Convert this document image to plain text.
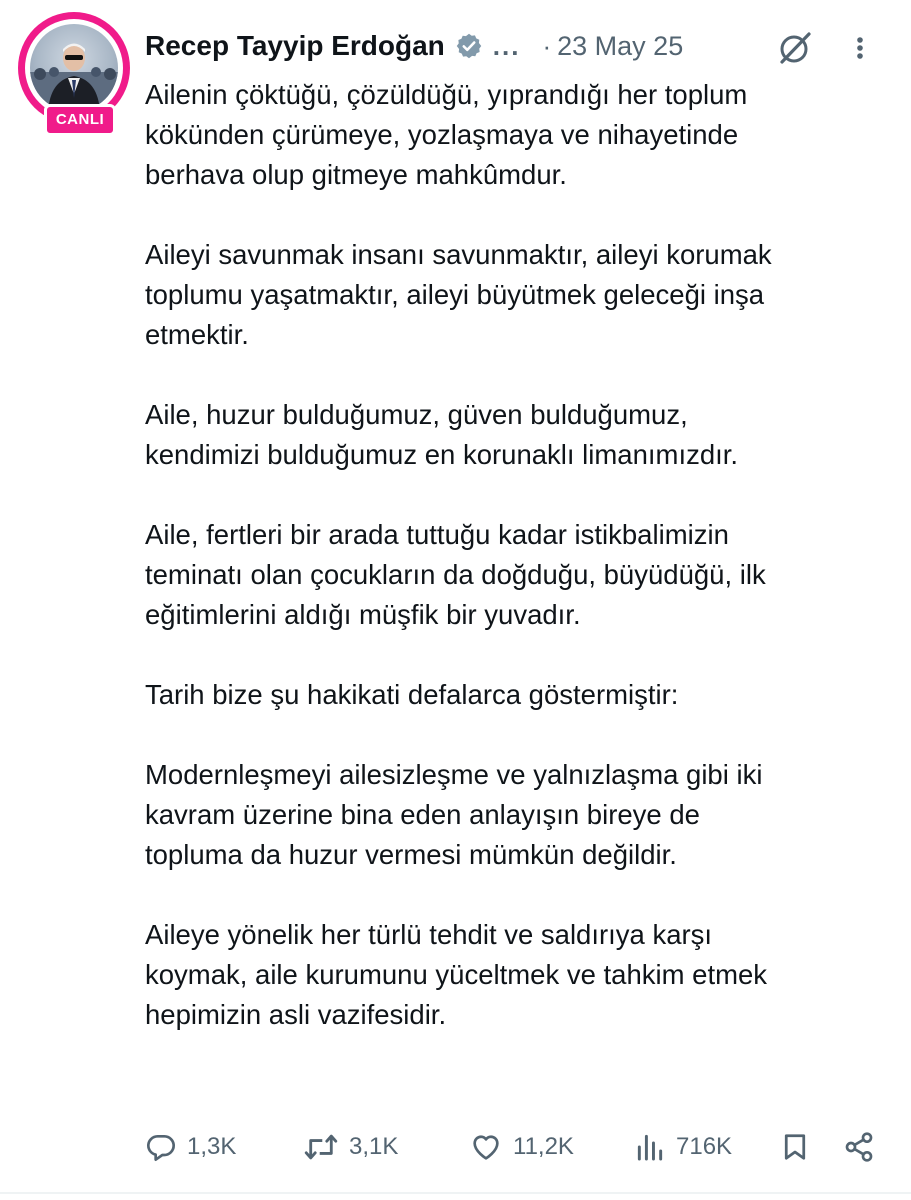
CANLI
Recep Tayyip Erdoğan ... · 23 May 25

Ailenin çöktüğü, çözüldüğü, yıprandığı her toplum
kökünden çürümeye, yozlaşmaya ve nihayetinde
berhava olup gitmeye mahkûmdur.

Aileyi savunmak insanı savunmaktır, aileyi korumak
toplumu yaşatmaktır, aileyi büyütmek geleceği inşa
etmektir.

Aile, huzur bulduğumuz, güven bulduğumuz,
kendimizi bulduğumuz en korunaklı limanımızdır.

Aile, fertleri bir arada tuttuğu kadar istikbalimizin
teminatı olan çocukların da doğduğu, büyüdüğü, ilk
eğitimlerini aldığı müşfik bir yuvadır.

Tarih bize şu hakikati defalarca göstermiştir:

Modernleşmeyi ailesizleşme ve yalnızlaşma gibi iki
kavram üzerine bina eden anlayışın bireye de
topluma da huzur vermesi mümkün değildir.

Aileye yönelik her türlü tehdit ve saldırıya karşı
koymak, aile kurumunu yüceltmek ve tahkim etmek
hepimizin asli vazifesidir.

1,3K	3,1K	11,2K	716K
